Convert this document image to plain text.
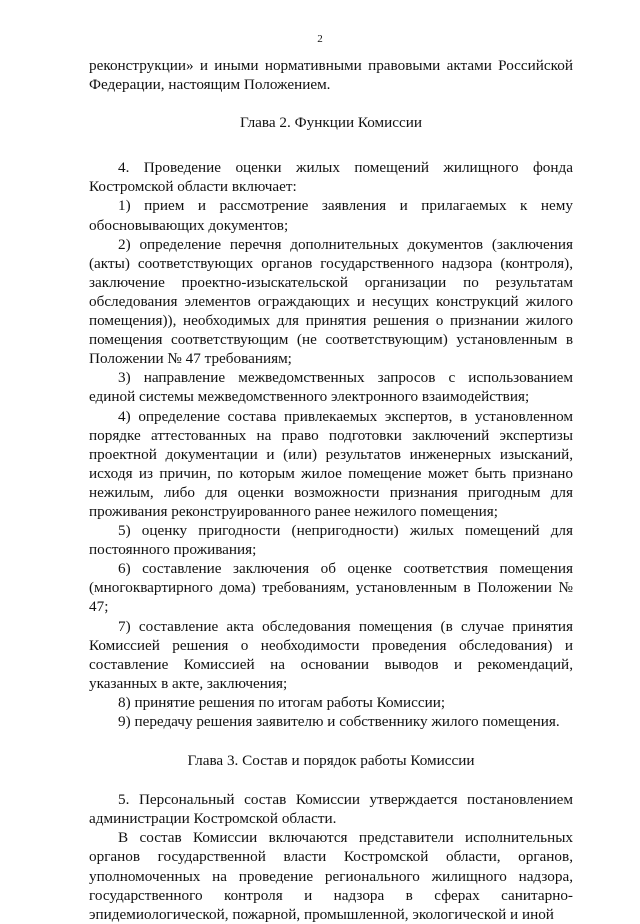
2

реконструкции» и иными нормативными правовыми актами Российской Федерации, настоящим Положением.

Глава 2. Функции Комиссии

4. Проведение оценки жилых помещений жилищного фонда Костромской области включает:

1) прием и рассмотрение заявления и прилагаемых к нему обосновывающих документов;

2) определение перечня дополнительных документов (заключения (акты) соответствующих органов государственного надзора (контроля), заключение проектно-изыскательской организации по результатам обследования элементов ограждающих и несущих конструкций жилого помещения)), необходимых для принятия решения о признании жилого помещения соответствующим (не соответствующим) установленным в Положении № 47 требованиям;

3) направление межведомственных запросов с использованием единой системы межведомственного электронного взаимодействия;

4) определение состава привлекаемых экспертов, в установленном порядке аттестованных на право подготовки заключений экспертизы проектной документации и (или) результатов инженерных изысканий, исходя из причин, по которым жилое помещение может быть признано нежилым, либо для оценки возможности признания пригодным для проживания реконструированного ранее нежилого помещения;

5) оценку пригодности (непригодности) жилых помещений для постоянного проживания;

6) составление заключения об оценке соответствия помещения (многоквартирного дома) требованиям, установленным в Положении № 47;

7) составление акта обследования помещения (в случае принятия Комиссией решения о необходимости проведения обследования) и составление Комиссией на основании выводов и рекомендаций, указанных в акте, заключения;

8) принятие решения по итогам работы Комиссии;

9) передачу решения заявителю и собственнику жилого помещения.

Глава 3. Состав и порядок работы Комиссии

5. Персональный состав Комиссии утверждается постановлением администрации Костромской области.

В состав Комиссии включаются представители исполнительных органов государственной власти Костромской области, органов, уполномоченных на проведение регионального жилищного надзора, государственного контроля и надзора в сферах санитарно-эпидемиологической, пожарной, промышленной, экологической и иной
